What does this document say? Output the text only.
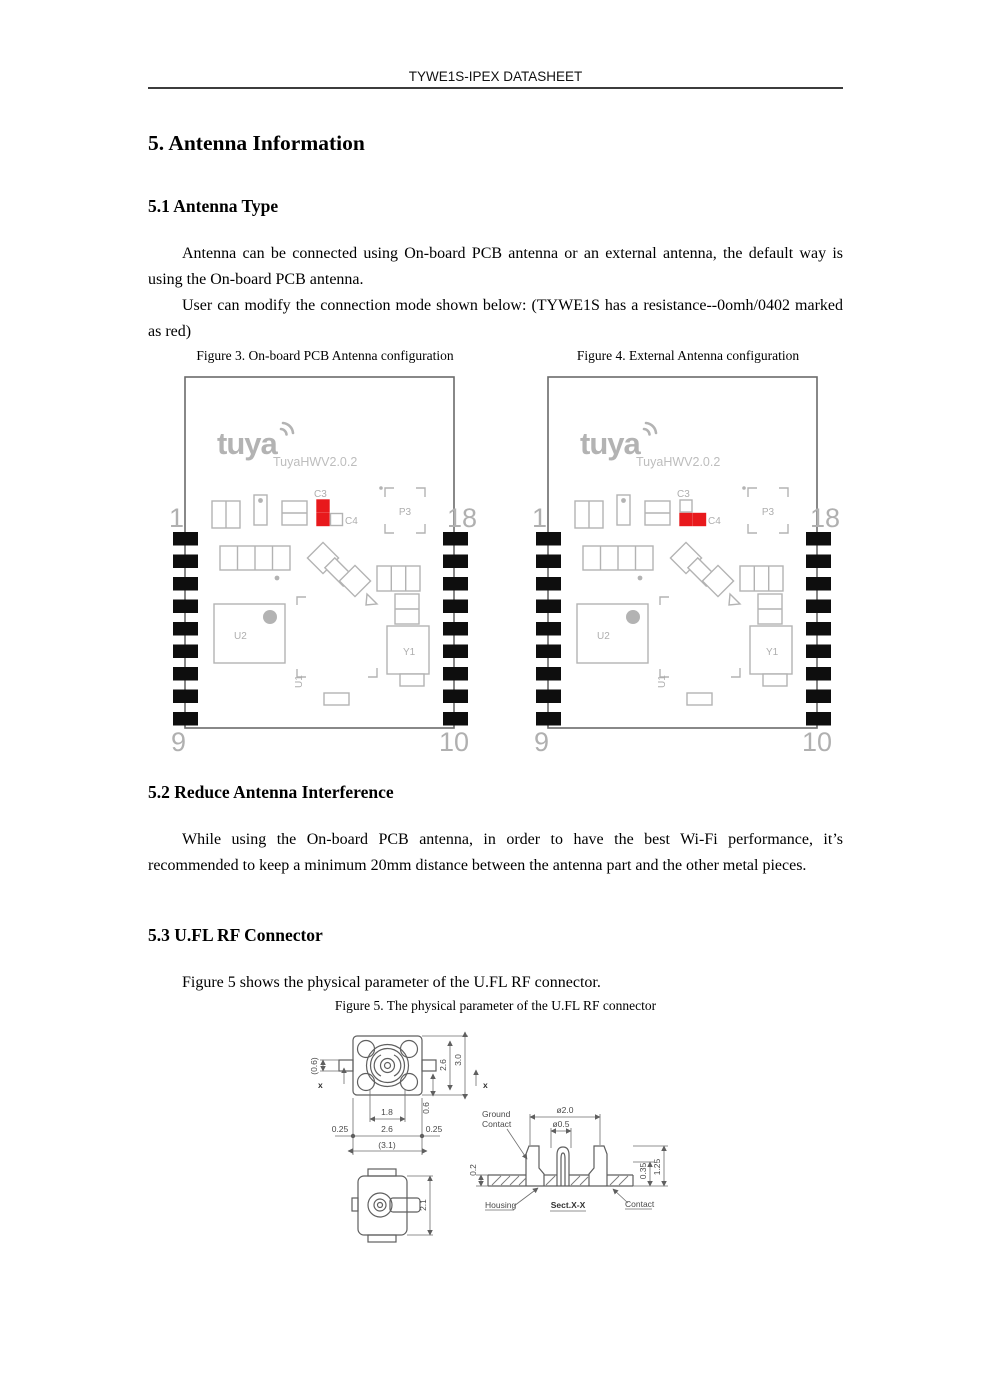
TYWE1S-IPEX DATASHEET
5. Antenna Information
5.1 Antenna Type

Antenna can be connected using On-board PCB antenna or an external antenna, the default way is using the On-board PCB antenna.

User can modify the connection mode shown below: (TYWE1S has a resistance--0omh/0402 marked as red)

Figure 3. On-board PCB Antenna configuration	Figure 4. External Antenna configuration
tuya
TuyaHWV2.0.2
1	18
9	10
C3
C4
P3
U1
U2
Y1
tuya
TuyaHWV2.0.2
1	18
9	10
C3
C4
P3
U1
U2
Y1
5.2 Reduce Antenna Interference

While using the On-board PCB antenna, in order to have the best Wi-Fi performance, it’s recommended to keep a minimum 20mm distance between the antenna part and the other metal pieces.

5.3 U.FL RF Connector

Figure 5 shows the physical parameter of the U.FL RF connector.

Figure 5. The physical parameter of the U.FL RF connector
(0.6)
x	x
2.6 3.0
0.6
1.8
2.6
0.25	0.25
(3.1)
2.1
ø2.0
ø0.5
0.2	0.35 1.25
Ground Contact
Housing	Sect.X-X	Contact
